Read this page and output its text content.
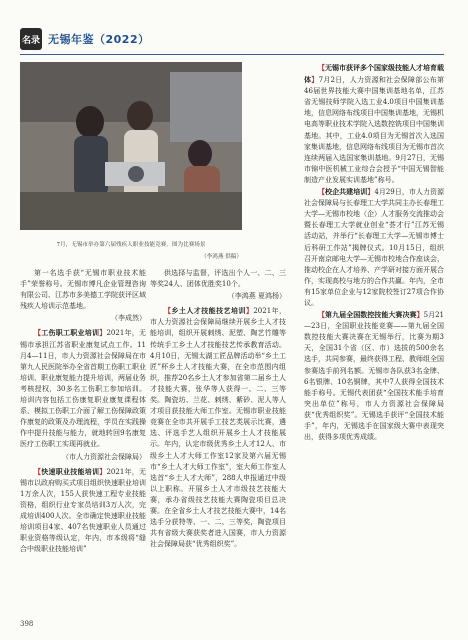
名录 无锡年鉴（2022）
7月，无锡市举办第六届残疾人职业技能竞赛。图为比赛场景
（李鸿燕 供稿）

第一名选手获“无锡市职业技术能手”荣誉称号。无锡市博凡企业管理咨询有限公司、江苏市多美德工学院获评区域残疾人培训示范基地。

（李成然）

【工伤职工职业培训】2021年，无锡市承担江苏省职业康复试点工作。11月4—11日，市人力资源社会保障局在市第九人民医院举办全省首期工伤职工职业培训、职业康复能力提升培训，两届业务考核授权，30多名工伤职工参加培训。培训内容包括工伤康复职业康复课程体系、模拟工伤职工介面了解工伤保障政策作康复的政策及办理流程，学员在实践操作中提升技能与能力，就地转回9名康复医疗工伤职工实现再就业。

（市人力资源社会保障局）

【快速职业技能培训】2021年，无锡市以政府购买式项目组织快速职业培训1万余人次，155人获快速工程专业技能资格，组织行业专家员培训3万人次，完成培训400人次。全市确定快速职业技能培训项目4家、407名快速职业人员通过职业资格等级认定，年内，市本级将“缝合中级职业技能培训”

供选择与监督，评选出个人一、二、三等奖24人、团体优胜奖10个。

（李鸿燕 夏鸿杨）

【乡土人才技能技艺培训】2021年，市人力资源社会保障局继续开展乡土人才技能培训，组织开展刺绣、泥塑、陶艺竹雕等传统手工乡土人才技能技艺传承教育活动。4月10日，无锡太湖工匠品牌活动举“乡土工匠”杯乡土人才技能大赛，在全市范围内组织，推荐20名乡土人才参加省第二届乡土人才技能大赛，张华等人获得一、二、三等奖。陶瓷坊、兰花、刺绣、紫砂、泥人等人才项目获技能大师工作室。无锡市职业技能竞赛在全市共开展手工技艺类展示比赛，遴选、评选手艺人组织开展乡土人才技能展示。年内，认定市级优秀乡土人才12人、市级乡土人才大师工作室12家及第六届无锡市“乡土人才大师工作室”，室大师工作室人选首“乡土人才大师”，288人申报通过中级以上职称。开展乡土人才市级技艺技能大赛，承办省级技艺技能大赛陶瓷项目总决赛。在全省乡土人才技艺技能大赛中，14名选手分获特等、一、二、三等奖，陶瓷项目共有省级大赛获奖者进入国赛，市人力资源社会保障局获“优秀组织奖”。

【无锡市获评多个国家级技能人才培育载体】7月2日，人力资源和社会保障部公布第46届世界技能大赛中国集训基地名单，江苏省无锡技师学院入选工业4.0项目中国集训基地，信息网络布线项目中国集训基地，无锡机电高等职业技术学院入选数控铣项目中国集训基地。其中，工业4.0项目为无锡首次入选国家集训基地，信息网络布线项目为无锡市首次连续两届入选国家集训基地。9月27日，无锡市锦中医机械工业综合会授予“中国无锡智能制造产业发展实训基地”称号。

【校企共建培训】4月29日，市人力资源社会保障局与长春理工大学共同主办长春理工大学—无锡市校地（企）人才服务交流推动会暨长春理工大学就业创业“荟才行”江苏无锡活动站，并举行“长春理工大学—无锡市博士后科研工作站”揭牌仪式。10月15日，组织召开南京邮电大学—无锡市校地合作座谈会，推动校企在人才培养、产学研对接方面开展合作，实现高校与地方的合作共赢。年内，全市有15家单位企业与12家院校签订27项合作协议。

【第九届全国数控技能大赛决赛】5月21—23日，全国职业技能竞赛——第九届全国数控技能大赛决赛在无锡举行，比赛为期3天，全国31个省（区、市）选拔的500余名选手，共同参赛，最终获得工程、教师组全国参赛选手前列名额。无锡市各队获3名金牌、6名银牌、10名铜牌，其中7人获得全国技术能手称号。无锡代表团获“全国技术能手培育突出单位”称号，市人力资源社会保障局获“优秀组织奖”。无锡选手获评“全国技术能手”，年内，无锡选手在国家级大赛中表现突出，获得多项优秀成绩。

398
